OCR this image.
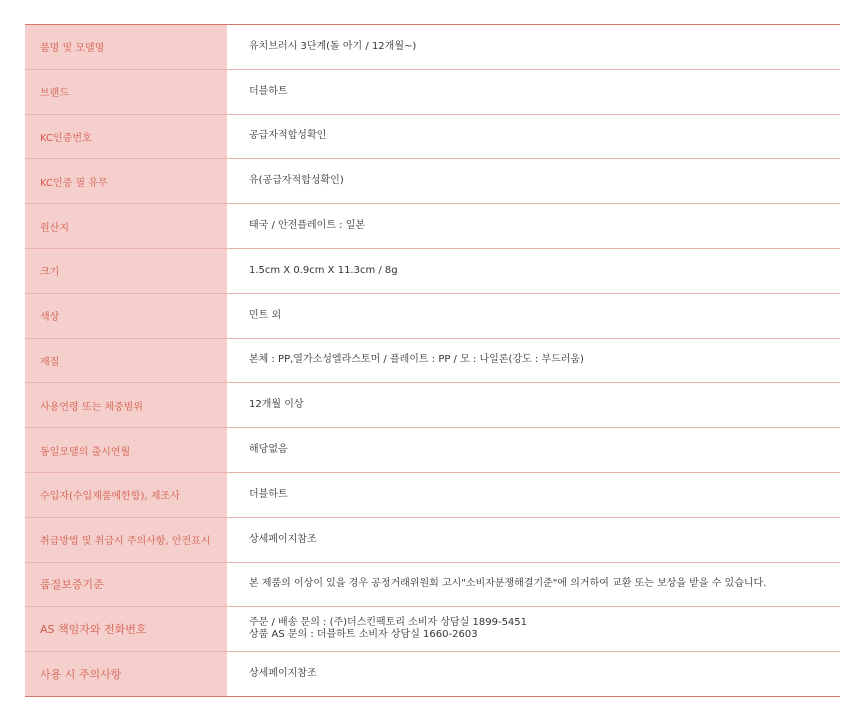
품명 및 모델명	유치브러시 3단계(돌 아기 / 12개월~)
브랜드	더블하트
KC인증번호	공급자적합성확인
KC인증 필 유무	유(공급자적합성확인)
원산지	태국 / 안전플레이트 : 일본
크기	1.5cm X 0.9cm X 11.3cm / 8g
색상	민트 외
재질	본체 : PP,열가소성엘라스토머 / 플레이트 : PP / 모 : 나일론(강도 : 부드러움)
사용연령 또는 체중범위	12개월 이상
동일모델의 출시연월	해당없음
수입자(수입제품에한함), 제조사	더블하트
취급방법 및 취급시 주의사항, 안전표시	상세페이지참조
품질보증기준	본 제품의 이상이 있을 경우 공정거래위원회 고시"소비자분쟁해결기준"에 의거하여 교환 또는 보상을 받을 수 있습니다.
AS 책임자와 전화번호	주문 / 배송 문의 : (주)더스킨팩토리 소비자 상담실 1899-5451
상품 AS 문의 : 더블하트 소비자 상담실 1660-2603

사용 시 주의사항	상세페이지참조
